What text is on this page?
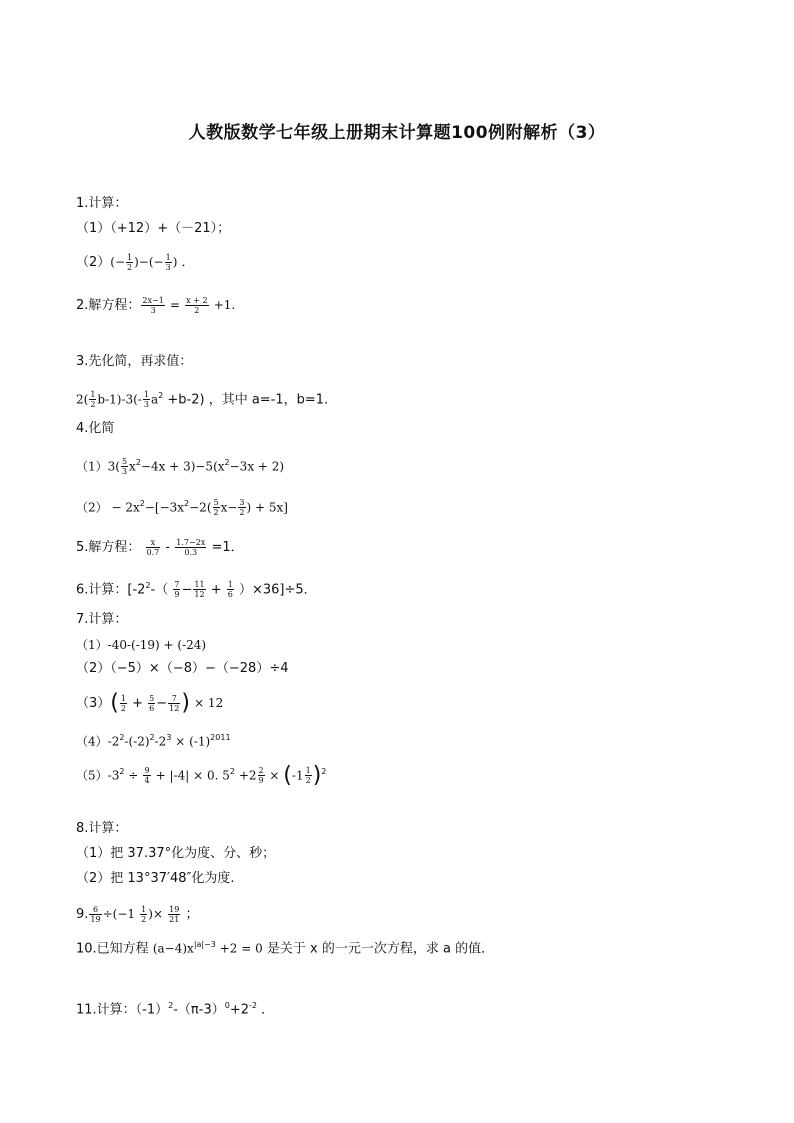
人教版数学七年级上册期末计算题100例附解析（3）
1.计算：
（1）（+12）+（－21）；
$(2)(- \frac{1}{2}$ )−(− $\frac{1}{3}$ ) ．
2.解方程： $\frac{2x-1}{3} = \frac{x + 2}{2} +1$.
3.先化简，再求值：
$2( \frac{1}{2} b-1)-3(- \frac{1}{3} a^2 +b-2)$ ，其中 a=-1，b=1.
4.化简
$(1)3( \frac{5}{3} x^2-4x + 3)-5(x^2-3x + 2)$
$(2) - 2x^2-[-3x^2-2( \frac{5}{2} x- \frac{3}{2}$ ) + 5x]
5.解方程： $\frac{x}{0.7} - \frac{1.7-2x}{0.3} =1$．
6.计算：$[-2^2-( \frac{7}{9} - \frac{11}{12} + \frac{1}{6} )\times 36]\div 5$．
7.计算：
（1）-40-(-19) + (-24)
（2）（−5）×（−8）−（−28）÷4
$(3)( \frac{1}{2} + \frac{5}{6} - \frac{7}{12}$ ) × 12
$(4)-2^2-(-2)^2-2^3 \times (-1)^{2011}$
$(5)-3^2 \div \frac{9}{4} + |-4| \times 0$. $5^2 +2 \frac{2}{9} \times (-1 \frac{1}{2} )^2$
8.计算：
（1）把 37.37°化为度、分、秒；
（2）把 13°37′48″化为度.
9. $\frac{6}{19} \div(-1 \frac{1}{2}$ )× $\frac{19}{21}$ ；
10.已知方程 $(a-4)x^{|a|-3} +2 = 0$ 是关于 x 的一元一次方程，求 a 的值．
11.计算：$(-1)^2-(\pi-3)^0+2^{-2}$ ．
